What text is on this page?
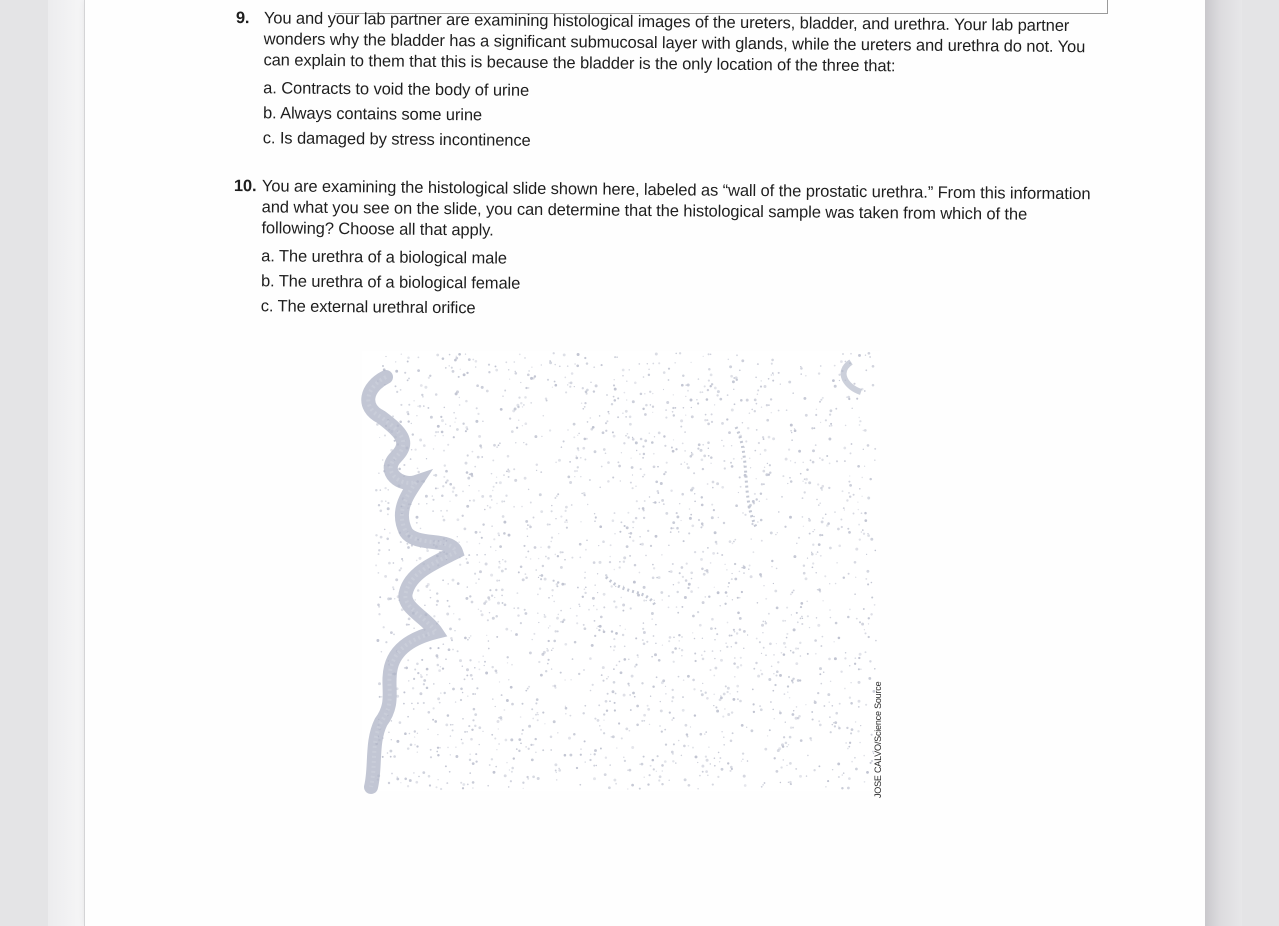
9. You and your lab partner are examining histological images of the ureters, bladder, and urethra. Your lab partner wonders why the bladder has a significant submucosal layer with glands, while the ureters and urethra do not. You can explain to them that this is because the bladder is the only location of the three that:
a. Contracts to void the body of urine
b. Always contains some urine
c. Is damaged by stress incontinence
10. You are examining the histological slide shown here, labeled as “wall of the prostatic urethra.” From this information and what you see on the slide, you can determine that the histological sample was taken from which of the following? Choose all that apply.
a. The urethra of a biological male
b. The urethra of a biological female
c. The external urethral orifice
JOSE CALVO/Science Source
